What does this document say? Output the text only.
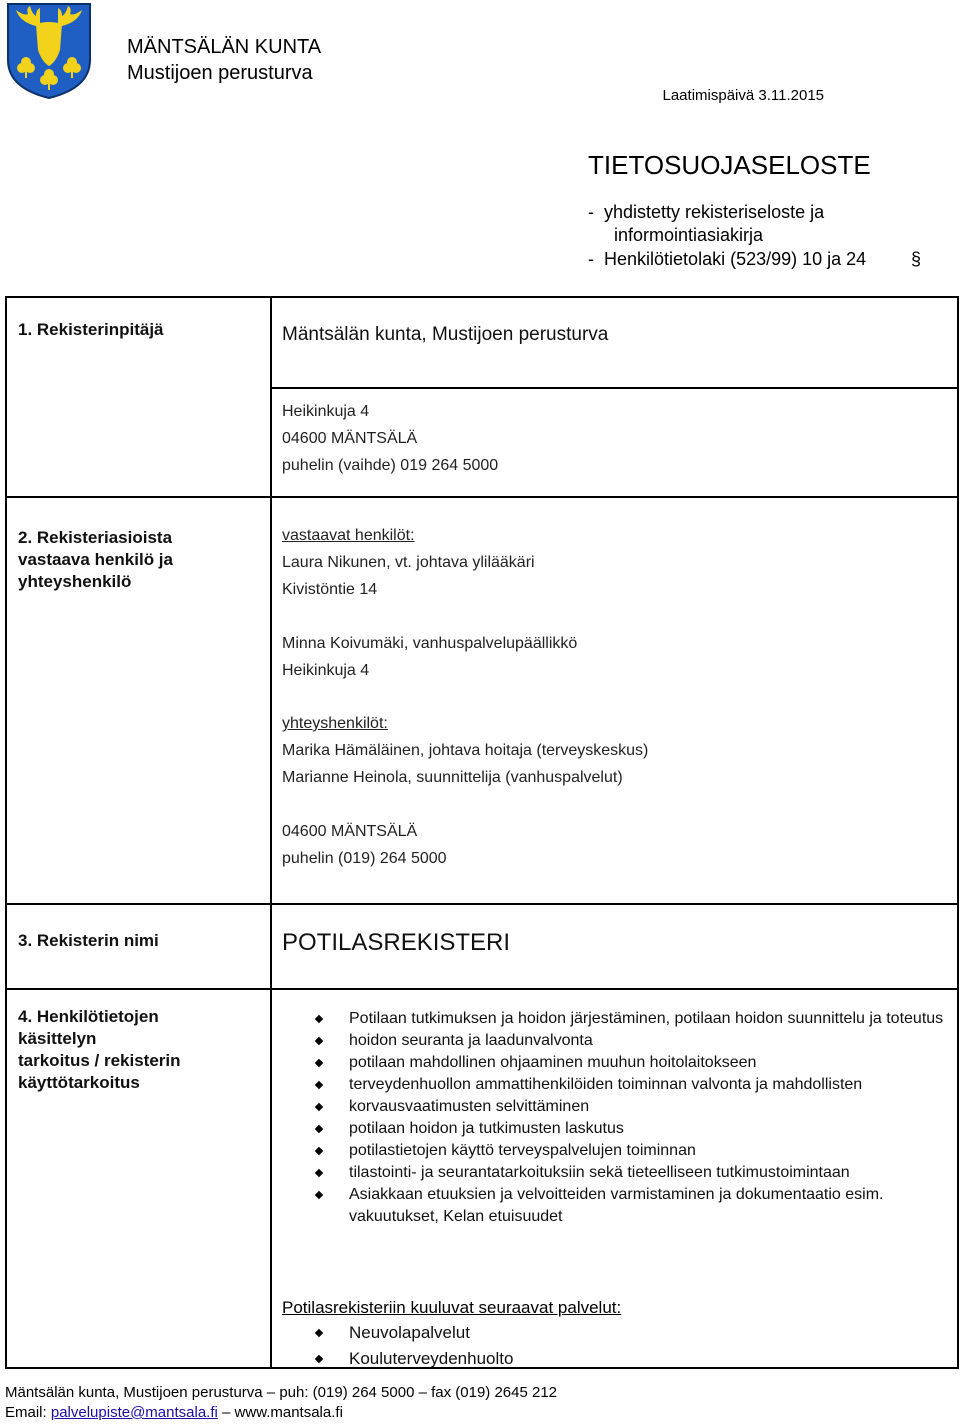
MÄNTSÄLÄN KUNTA
Mustijoen perusturva
Laatimispäivä 3.11.2015
TIETOSUOJASELOSTE
- yhdistetty rekisteriseloste ja
informointiasiakirja
- Henkilötietolaki (523/99) 10 ja 24 §
1. Rekisterinpitäjä	Mäntsälän kunta, Mustijoen perusturva
Heikinkuja 4
04600 MÄNTSÄLÄ
puhelin (vaihde) 019 264 5000
2. Rekisteriasioista
vastaava henkilö ja
yhteyshenkilö
vastaavat henkilöt:
Laura Nikunen, vt. johtava ylilääkäri
Kivistöntie 14
Minna Koivumäki, vanhuspalvelupäällikkö
Heikinkuja 4
yhteyshenkilöt:
Marika Hämäläinen, johtava hoitaja (terveyskeskus)
Marianne Heinola, suunnittelija (vanhuspalvelut)
04600 MÄNTSÄLÄ
puhelin (019) 264 5000
3. Rekisterin nimi	POTILASREKISTERI
4. Henkilötietojen
käsittelyn
tarkoitus / rekisterin
käyttötarkoitus
Potilaan tutkimuksen ja hoidon järjestäminen, potilaan hoidon suunnittelu ja toteutus
hoidon seuranta ja laadunvalvonta
potilaan mahdollinen ohjaaminen muuhun hoitolaitokseen
terveydenhuollon ammattihenkilöiden toiminnan valvonta ja mahdollisten
korvausvaatimusten selvittäminen
potilaan hoidon ja tutkimusten laskutus
potilastietojen käyttö terveyspalvelujen toiminnan
tilastointi- ja seurantatarkoituksiin sekä tieteelliseen tutkimustoimintaan
Asiakkaan etuuksien ja velvoitteiden varmistaminen ja dokumentaatio esim. vakuutukset, Kelan etuisuudet
Potilasrekisteriin kuuluvat seuraavat palvelut:
Neuvolapalvelut
Kouluterveydenhuolto
Mäntsälän kunta, Mustijoen perusturva – puh: (019) 264 5000 – fax (019) 2645 212
Email: palvelupiste@mantsala.fi – www.mantsala.fi
